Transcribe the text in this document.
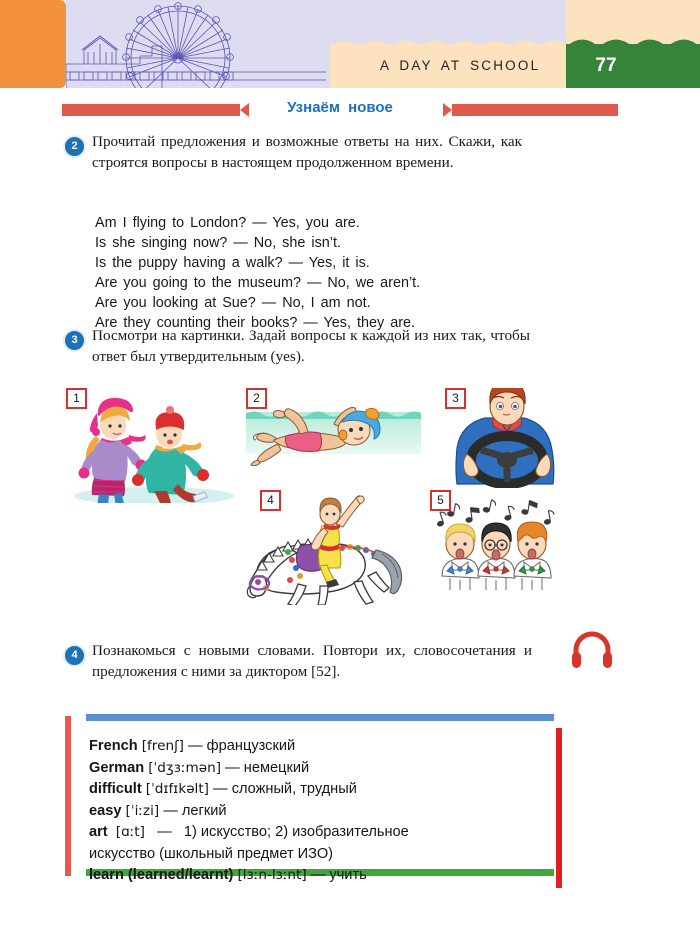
A DAY AT SCHOOL	77
Узнаём новое
2 Прочитай предложения и возможные ответы на них. Скажи, как строятся вопросы в настоящем продолженном времени.
Am I flying to London? — Yes, you are.
Is she singing now? — No, she isn’t.
Is the puppy having a walk? — Yes, it is.
Are you going to the museum? — No, we aren’t.
Are you looking at Sue? — No, I am not.
Are they counting their books? — Yes, they are.
3 Посмотри на картинки. Задай вопросы к каждой из них так, чтобы ответ был утвердительным (yes).
1	2	3
4	5
4 Познакомься с новыми словами. Повтори их, словосочетания и предложения с ними за диктором [52].
French [frenʃ] — французский
German [ˈdʒɜːmən] — немецкий
difficult [ˈdɪfɪkəlt] — сложный, трудный
easy [ˈiːzi] — легкий
art [ɑːt] — 1) искусство; 2) изобразительное
искусство (школьный предмет ИЗО)
learn (learned/learnt) [lɜːn-lɜːnt] — учить
